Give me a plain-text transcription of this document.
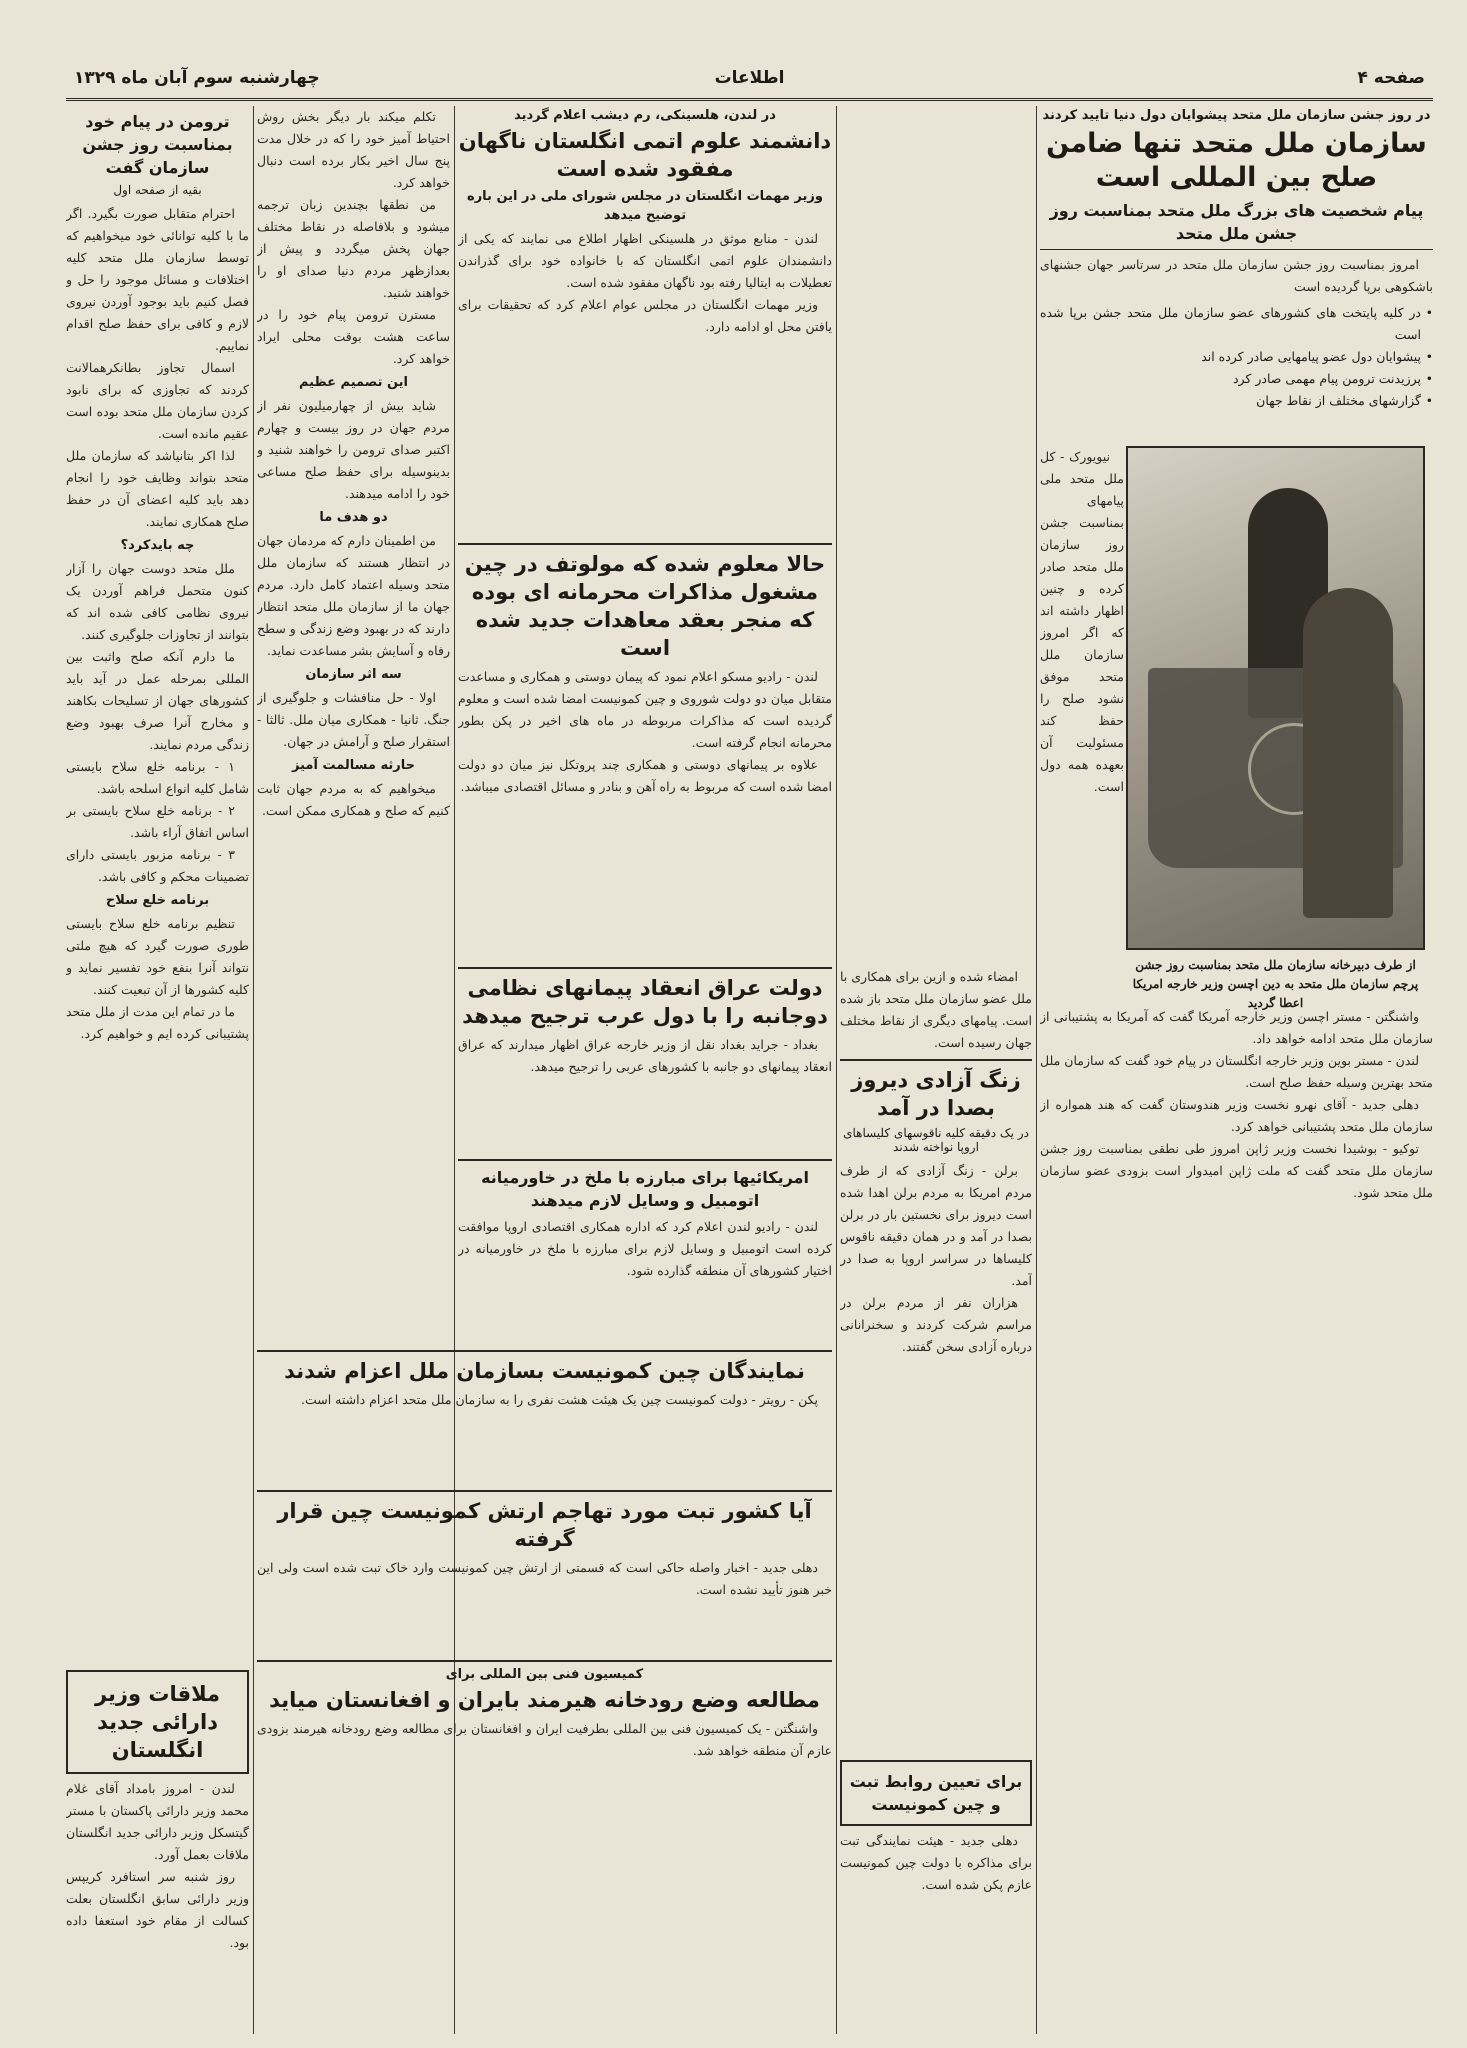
صفحه ۴
اطلاعات
چهارشنبه سوم آبان ماه ۱۳۲۹
در روز جشن سازمان ملل متحد پیشوایان دول دنیا تایید کردند
سازمان ملل متحد تنها ضامن صلح بین المللی است
پیام شخصیت های بزرگ ملل متحد بمناسبت روز جشن ملل متحد

امروز بمناسبت روز جشن سازمان ملل متحد در سرتاسر جهان جشنهای باشکوهی برپا گردیده است

• در کلیه پایتخت های کشورهای عضو سازمان ملل متحد جشن برپا شده است
• پیشوایان دول عضو پیامهایی صادر کرده اند
• پرزیدنت ترومن پیام مهمی صادر کرد
• گزارشهای مختلف از نقاط جهان

نیویورک - کل ملل متحد ملی پیامهای بمناسبت جشن روز سازمان ملل متحد صادر کرده و چنین اظهار داشته اند که اگر امروز سازمان ملل متحد موفق نشود صلح را حفظ کند مسئولیت آن بعهده همه دول است.

از طرف دبیرخانه سازمان ملل متحد بمناسبت روز جشن پرچم سازمان ملل متحد به دین اچسن وزیر خارجه امریکا اعطا گردید

واشنگتن - مستر اچسن وزیر خارجه آمریکا گفت که آمریکا به پشتیبانی از سازمان ملل متحد ادامه خواهد داد.

لندن - مستر بوین وزیر خارجه انگلستان در پیام خود گفت که سازمان ملل متحد بهترین وسیله حفظ صلح است.

دهلی جدید - آقای نهرو نخست وزیر هندوستان گفت که هند همواره از سازمان ملل متحد پشتیبانی خواهد کرد.

توکیو - بوشیدا نخست وزیر ژاپن امروز طی نطقی بمناسبت روز جشن سازمان ملل متحد گفت که ملت ژاپن امیدوار است بزودی عضو سازمان ملل متحد شود.

امضاء شده و ازین برای همکاری با ملل عضو سازمان ملل متحد باز شده است. پیامهای دیگری از نقاط مختلف جهان رسیده است.

زنگ آزادی دیروز بصدا در آمد
در یک دقیقه کلیه ناقوسهای کلیساهای اروپا نواخته شدند

برلن - زنگ آزادی که از طرف مردم امریکا به مردم برلن اهدا شده است دیروز برای نخستین بار در برلن بصدا در آمد و در همان دقیقه ناقوس کلیساها در سراسر اروپا به صدا در آمد.

هزاران نفر از مردم برلن در مراسم شرکت کردند و سخنرانانی درباره آزادی سخن گفتند.

برای تعیین روابط تبت و چین کمونیست

دهلی جدید - هیئت نمایندگی تبت برای مذاکره با دولت چین کمونیست عازم پکن شده است.

در لندن، هلسینکی، رم دیشب اعلام گردید
دانشمند علوم اتمی انگلستان ناگهان مفقود شده است
وزیر مهمات انگلستان در مجلس شورای ملی در این باره توضیح میدهد

لندن - منابع موثق در هلسینکی اظهار اطلاع می نمایند که یکی از دانشمندان علوم اتمی انگلستان که با خانواده خود برای گذراندن تعطیلات به ایتالیا رفته بود ناگهان مفقود شده است.

وزیر مهمات انگلستان در مجلس عوام اعلام کرد که تحقیقات برای یافتن محل او ادامه دارد.

حالا معلوم شده که مولوتف در چین مشغول مذاکرات محرمانه ای بوده که منجر بعقد معاهدات جدید شده است

لندن - رادیو مسکو اعلام نمود که پیمان دوستی و همکاری و مساعدت متقابل میان دو دولت شوروی و چین کمونیست امضا شده است و معلوم گردیده است که مذاکرات مربوطه در ماه های اخیر در پکن بطور محرمانه انجام گرفته است.

علاوه بر پیمانهای دوستی و همکاری چند پروتکل نیز میان دو دولت امضا شده است که مربوط به راه آهن و بنادر و مسائل اقتصادی میباشد.

دولت عراق انعقاد پیمانهای نظامی دوجانبه را با دول عرب ترجیح میدهد

بغداد - جراید بغداد نقل از وزیر خارجه عراق اظهار میدارند که عراق انعقاد پیمانهای دو جانبه با کشورهای عربی را ترجیح میدهد.

امریکائیها برای مبارزه با ملخ در خاورمیانه اتومبیل و وسایل لازم میدهند

لندن - رادیو لندن اعلام کرد که اداره همکاری اقتصادی اروپا موافقت کرده است اتومبیل و وسایل لازم برای مبارزه با ملخ در خاورمیانه در اختیار کشورهای آن منطقه گذارده شود.

نمایندگان چین کمونیست بسازمان ملل اعزام شدند

پکن - رویتر - دولت کمونیست چین یک هیئت هشت نفری را به سازمان ملل متحد اعزام داشته است.

آیا کشور تبت مورد تهاجم ارتش کمونیست چین قرار گرفته

دهلی جدید - اخبار واصله حاکی است که قسمتی از ارتش چین کمونیست وارد خاک تبت شده است ولی این خبر هنوز تأیید نشده است.

کمیسیون فنی بین المللی برای
مطالعه وضع رودخانه هیرمند بایران و افغانستان میاید

واشنگتن - یک کمیسیون فنی بین المللی بطرفیت ایران و افغانستان برای مطالعه وضع رودخانه هیرمند بزودی عازم آن منطقه خواهد شد.

تکلم میکند بار دیگر بخش روش احتیاط آمیز خود را که در خلال مدت پنج سال اخیر بکار برده است دنبال خواهد کرد.

من نطقها بچندین زبان ترجمه میشود و بلافاصله در نقاط مختلف جهان پخش میگردد و پیش از بعدازظهر مردم دنیا صدای او را خواهند شنید.

مسترن ترومن پیام خود را در ساعت هشت بوقت محلی ایراد خواهد کرد.

این تصمیم عظیم

شاید بیش از چهارمیلیون نفر از مردم جهان در روز بیست و چهارم اکتبر صدای ترومن را خواهند شنید و بدینوسیله برای حفظ صلح مساعی خود را ادامه میدهند.

دو هدف ما

من اطمینان دارم که مردمان جهان در انتظار هستند که سازمان ملل متحد وسیله اعتماد کامل دارد. مردم جهان ما از سازمان ملل متحد انتظار دارند که در بهبود وضع زندگی و سطح رفاه و آسایش بشر مساعدت نماید.

سه اثر سازمان

اولا - حل منافشات و جلوگیری از جنگ. ثانیا - همکاری میان ملل. ثالثا - استقرار صلح و آرامش در جهان.

حارثه مسالمت آمیز

میخواهیم که به مردم جهان ثابت کنیم که صلح و همکاری ممکن است.

ترومن در پیام خود بمناسبت روز جشن سازمان گفت
بقیه از صفحه اول

احترام متقابل صورت بگیرد. اگر ما با کلیه توانائی خود میخواهیم که توسط سازمان ملل متحد کلیه اختلافات و مسائل موجود را حل و فصل کنیم باید بوجود آوردن نیروی لازم و کافی برای حفظ صلح اقدام نماییم.

اسمال تجاوز بطانکرهمالانت کردند که تجاوزی که برای نابود کردن سازمان ملل متحد بوده است عقیم مانده است.

لذا اکر بتانیاشد که سازمان ملل متحد بتواند وظایف خود را انجام دهد باید کلیه اعضای آن در حفظ صلح همکاری نمایند.

چه بایدکرد؟

ملل متحد دوست جهان را آزار کنون متحمل فراهم آوردن یک نیروی نظامی کافی شده اند که بتوانند از تجاوزات جلوگیری کنند.

ما دارم آنکه صلح واثبت بین المللی بمرحله عمل در آید باید کشورهای جهان از تسلیحات بکاهند و مخارج آنرا صرف بهبود وضع زندگی مردم نمایند.

۱ - برنامه خلع سلاح بایستی شامل کلیه انواع اسلحه باشد.

۲ - برنامه خلع سلاح بایستی بر اساس اتفاق آراء باشد.

۳ - برنامه مزبور بایستی دارای تضمینات محکم و کافی باشد.

برنامه خلع سلاح

تنظیم برنامه خلع سلاح بایستی طوری صورت گیرد که هیچ ملتی نتواند آنرا بنفع خود تفسیر نماید و کلیه کشورها از آن تبعیت کنند.

ما در تمام این مدت از ملل متحد پشتیبانی کرده ایم و خواهیم کرد.

ملاقات وزیر دارائی جدید انگلستان

لندن - امروز بامداد آقای غلام محمد وزیر دارائی پاکستان با مستر گیتسکل وزیر دارائی جدید انگلستان ملاقات بعمل آورد.

روز شنبه سر استافرد کریپس وزیر دارائی سابق انگلستان بعلت کسالت از مقام خود استعفا داده بود.
